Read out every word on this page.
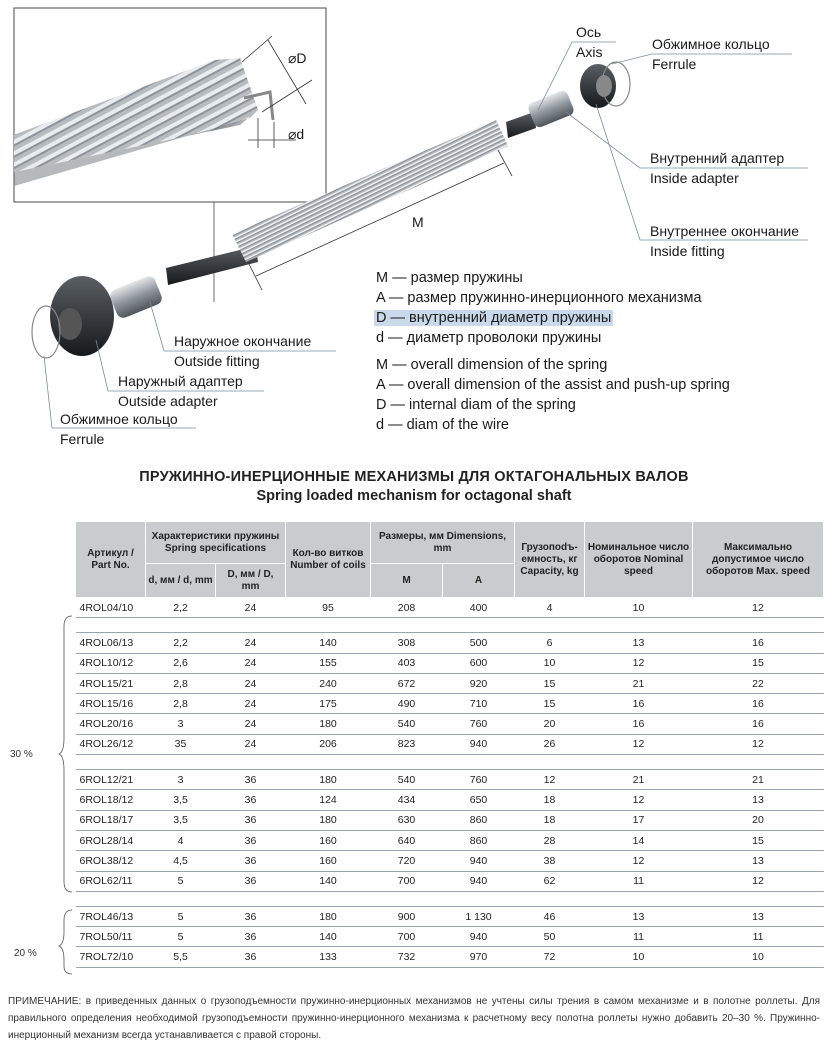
⌀D
⌀d
M
Ось
Axis	Обжимное кольцо
Ferrule
Внутренний адаптер
Inside adapter
Внутреннее окончание
Inside fitting
Наружное окончание
Outside fitting
Наружный адаптер
Outside adapter
Обжимное кольцо
Ferrule
M — размер пружины
A — размер пружинно-инерционного механизма
D — внутренний диаметр пружины
d — диаметр проволоки пружины
M — overall dimension of the spring
A — overall dimension of the assist and push-up spring
D — internal diam of the spring
d — diam of the wire
ПРУЖИННО-ИНЕРЦИОННЫЕ МЕХАНИЗМЫ ДЛЯ ОКТАГОНАЛЬНЫХ ВАЛОВ
Spring loaded mechanism for octagonal shaft
Артикул / Part No.	Характеристики пружины Spring specifications		Кол-во витков Number of coils	Размеры, мм Dimensions, mm		Грузопodъ-емность, кг Capacity, kg	Номинальное число оборотов Nominal speed	Максимально допустимое число оборотов Max. speed
	d, мм / d, mm	D, мм / D, mm		M	A			
4ROL04/10	2,2	24	95	208	400	4	10	12

4ROL06/13	2,2	24	140	308	500	6	13	16
4ROL10/12	2,6	24	155	403	600	10	12	15
4ROL15/21	2,8	24	240	672	920	15	21	22
4ROL15/16	2,8	24	175	490	710	15	16	16
4ROL20/16	3	24	180	540	760	20	16	16
4ROL26/12	35	24	206	823	940	26	12	12

6ROL12/21	3	36	180	540	760	12	21	21
6ROL18/12	3,5	36	124	434	650	18	12	13
6ROL18/17	3,5	36	180	630	860	18	17	20
6ROL28/14	4	36	160	640	860	28	14	15
6ROL38/12	4,5	36	160	720	940	38	12	13
6ROL62/11	5	36	140	700	940	62	11	12

7ROL46/13	5	36	180	900	1 130	46	13	13
7ROL50/11	5	36	140	700	940	50	11	11
7ROL72/10	5,5	36	133	732	970	72	10	10
30 %
20 %
ПРИМЕЧАНИЕ: в приведенных данных о грузоподъемности пружинно-инерционных механизмов не учтены силы трения в самом механизме и в полотне роллеты. Для правильного определения необходимой грузоподъемности пружинно-инерционного механизма к расчетному весу полотна роллеты нужно добавить 20–30 %. Пружинно-инерционный механизм всегда устанавливается с правой стороны.
